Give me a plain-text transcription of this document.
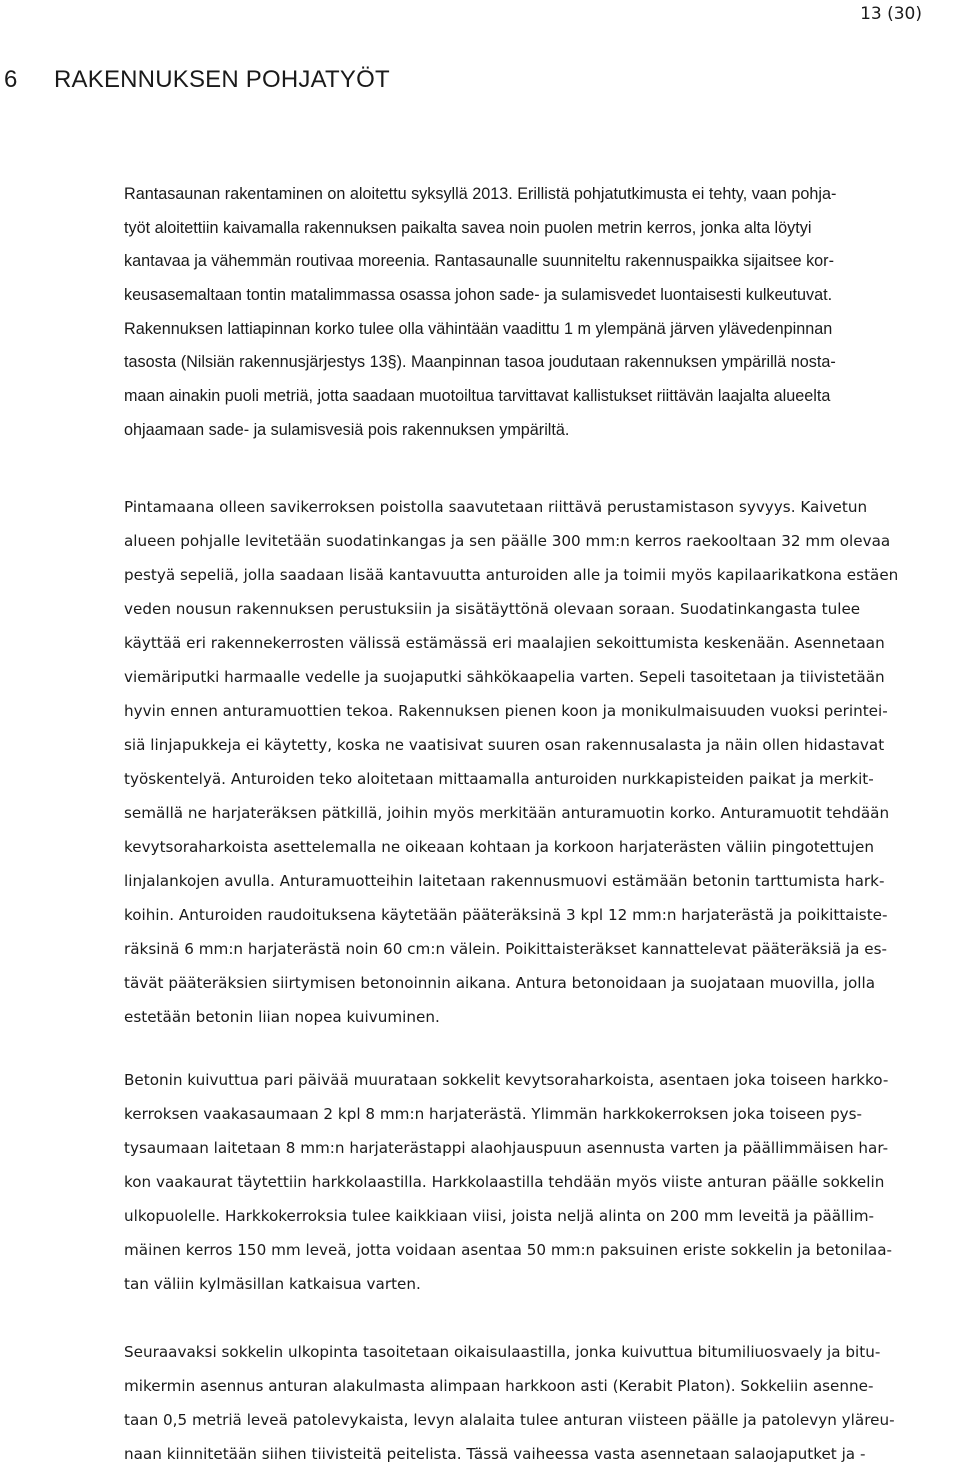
13 (30)
6 RAKENNUKSEN POHJATYÖT
Rantasaunan rakentaminen on aloitettu syksyllä 2013. Erillistä pohjatutkimusta ei tehty, vaan pohja-
työt aloitettiin kaivamalla rakennuksen paikalta savea noin puolen metrin kerros, jonka alta löytyi
kantavaa ja vähemmän routivaa moreenia. Rantasaunalle suunniteltu rakennuspaikka sijaitsee kor-
keusasemaltaan tontin matalimmassa osassa johon sade- ja sulamisvedet luontaisesti kulkeutuvat.
Rakennuksen lattiapinnan korko tulee olla vähintään vaadittu 1 m ylempänä järven ylävedenpinnan
tasosta (Nilsiän rakennusjärjestys 13§). Maanpinnan tasoa joudutaan rakennuksen ympärillä nosta-
maan ainakin puoli metriä, jotta saadaan muotoiltua tarvittavat kallistukset riittävän laajalta alueelta
ohjaamaan sade- ja sulamisvesiä pois rakennuksen ympäriltä.
Pintamaana olleen savikerroksen poistolla saavutetaan riittävä perustamistason syvyys. Kaivetun
alueen pohjalle levitetään suodatinkangas ja sen päälle 300 mm:n kerros raekooltaan 32 mm olevaa
pestyä sepeliä, jolla saadaan lisää kantavuutta anturoiden alle ja toimii myös kapilaarikatkona estäen
veden nousun rakennuksen perustuksiin ja sisätäyttönä olevaan soraan. Suodatinkangasta tulee
käyttää eri rakennekerrosten välissä estämässä eri maalajien sekoittumista keskenään. Asennetaan
viemäriputki harmaalle vedelle ja suojaputki sähkökaapelia varten. Sepeli tasoitetaan ja tiivistetään
hyvin ennen anturamuottien tekoa. Rakennuksen pienen koon ja monikulmaisuuden vuoksi perintei-
siä linjapukkeja ei käytetty, koska ne vaatisivat suuren osan rakennusalasta ja näin ollen hidastavat
työskentelyä. Anturoiden teko aloitetaan mittaamalla anturoiden nurkkapisteiden paikat ja merkit-
semällä ne harjateräksen pätkillä, joihin myös merkitään anturamuotin korko. Anturamuotit tehdään
kevytsoraharkoista asettelemalla ne oikeaan kohtaan ja korkoon harjaterästen väliin pingotettujen
linjalankojen avulla. Anturamuotteihin laitetaan rakennusmuovi estämään betonin tarttumista hark-
koihin. Anturoiden raudoituksena käytetään pääteräksinä 3 kpl 12 mm:n harjaterästä ja poikittaiste-
räksinä 6 mm:n harjaterästä noin 60 cm:n välein. Poikittaisteräkset kannattelevat pääteräksiä ja es-
tävät pääteräksien siirtymisen betonoinnin aikana. Antura betonoidaan ja suojataan muovilla, jolla
estetään betonin liian nopea kuivuminen.
Betonin kuivuttua pari päivää muurataan sokkelit kevytsoraharkoista, asentaen joka toiseen harkko-
kerroksen vaakasaumaan 2 kpl 8 mm:n harjaterästä. Ylimmän harkkokerroksen joka toiseen pys-
tysaumaan laitetaan 8 mm:n harjaterästappi alaohjauspuun asennusta varten ja päällimmäisen har-
kon vaakaurat täytettiin harkkolaastilla. Harkkolaastilla tehdään myös viiste anturan päälle sokkelin
ulkopuolelle. Harkkokerroksia tulee kaikkiaan viisi, joista neljä alinta on 200 mm leveitä ja päällim-
mäinen kerros 150 mm leveä, jotta voidaan asentaa 50 mm:n paksuinen eriste sokkelin ja betonilaa-
tan väliin kylmäsillan katkaisua varten.
Seuraavaksi sokkelin ulkopinta tasoitetaan oikaisulaastilla, jonka kuivuttua bitumiliuosvaely ja bitu-
mikermin asennus anturan alakulmasta alimpaan harkkoon asti (Kerabit Platon). Sokkeliin asenne-
taan 0,5 metriä leveä patolevykaista, levyn alalaita tulee anturan viisteen päälle ja patolevyn yläreu-
naan kiinnitetään siihen tiivisteitä peitelista. Tässä vaiheessa vasta asennetaan salaojaputket ja -
